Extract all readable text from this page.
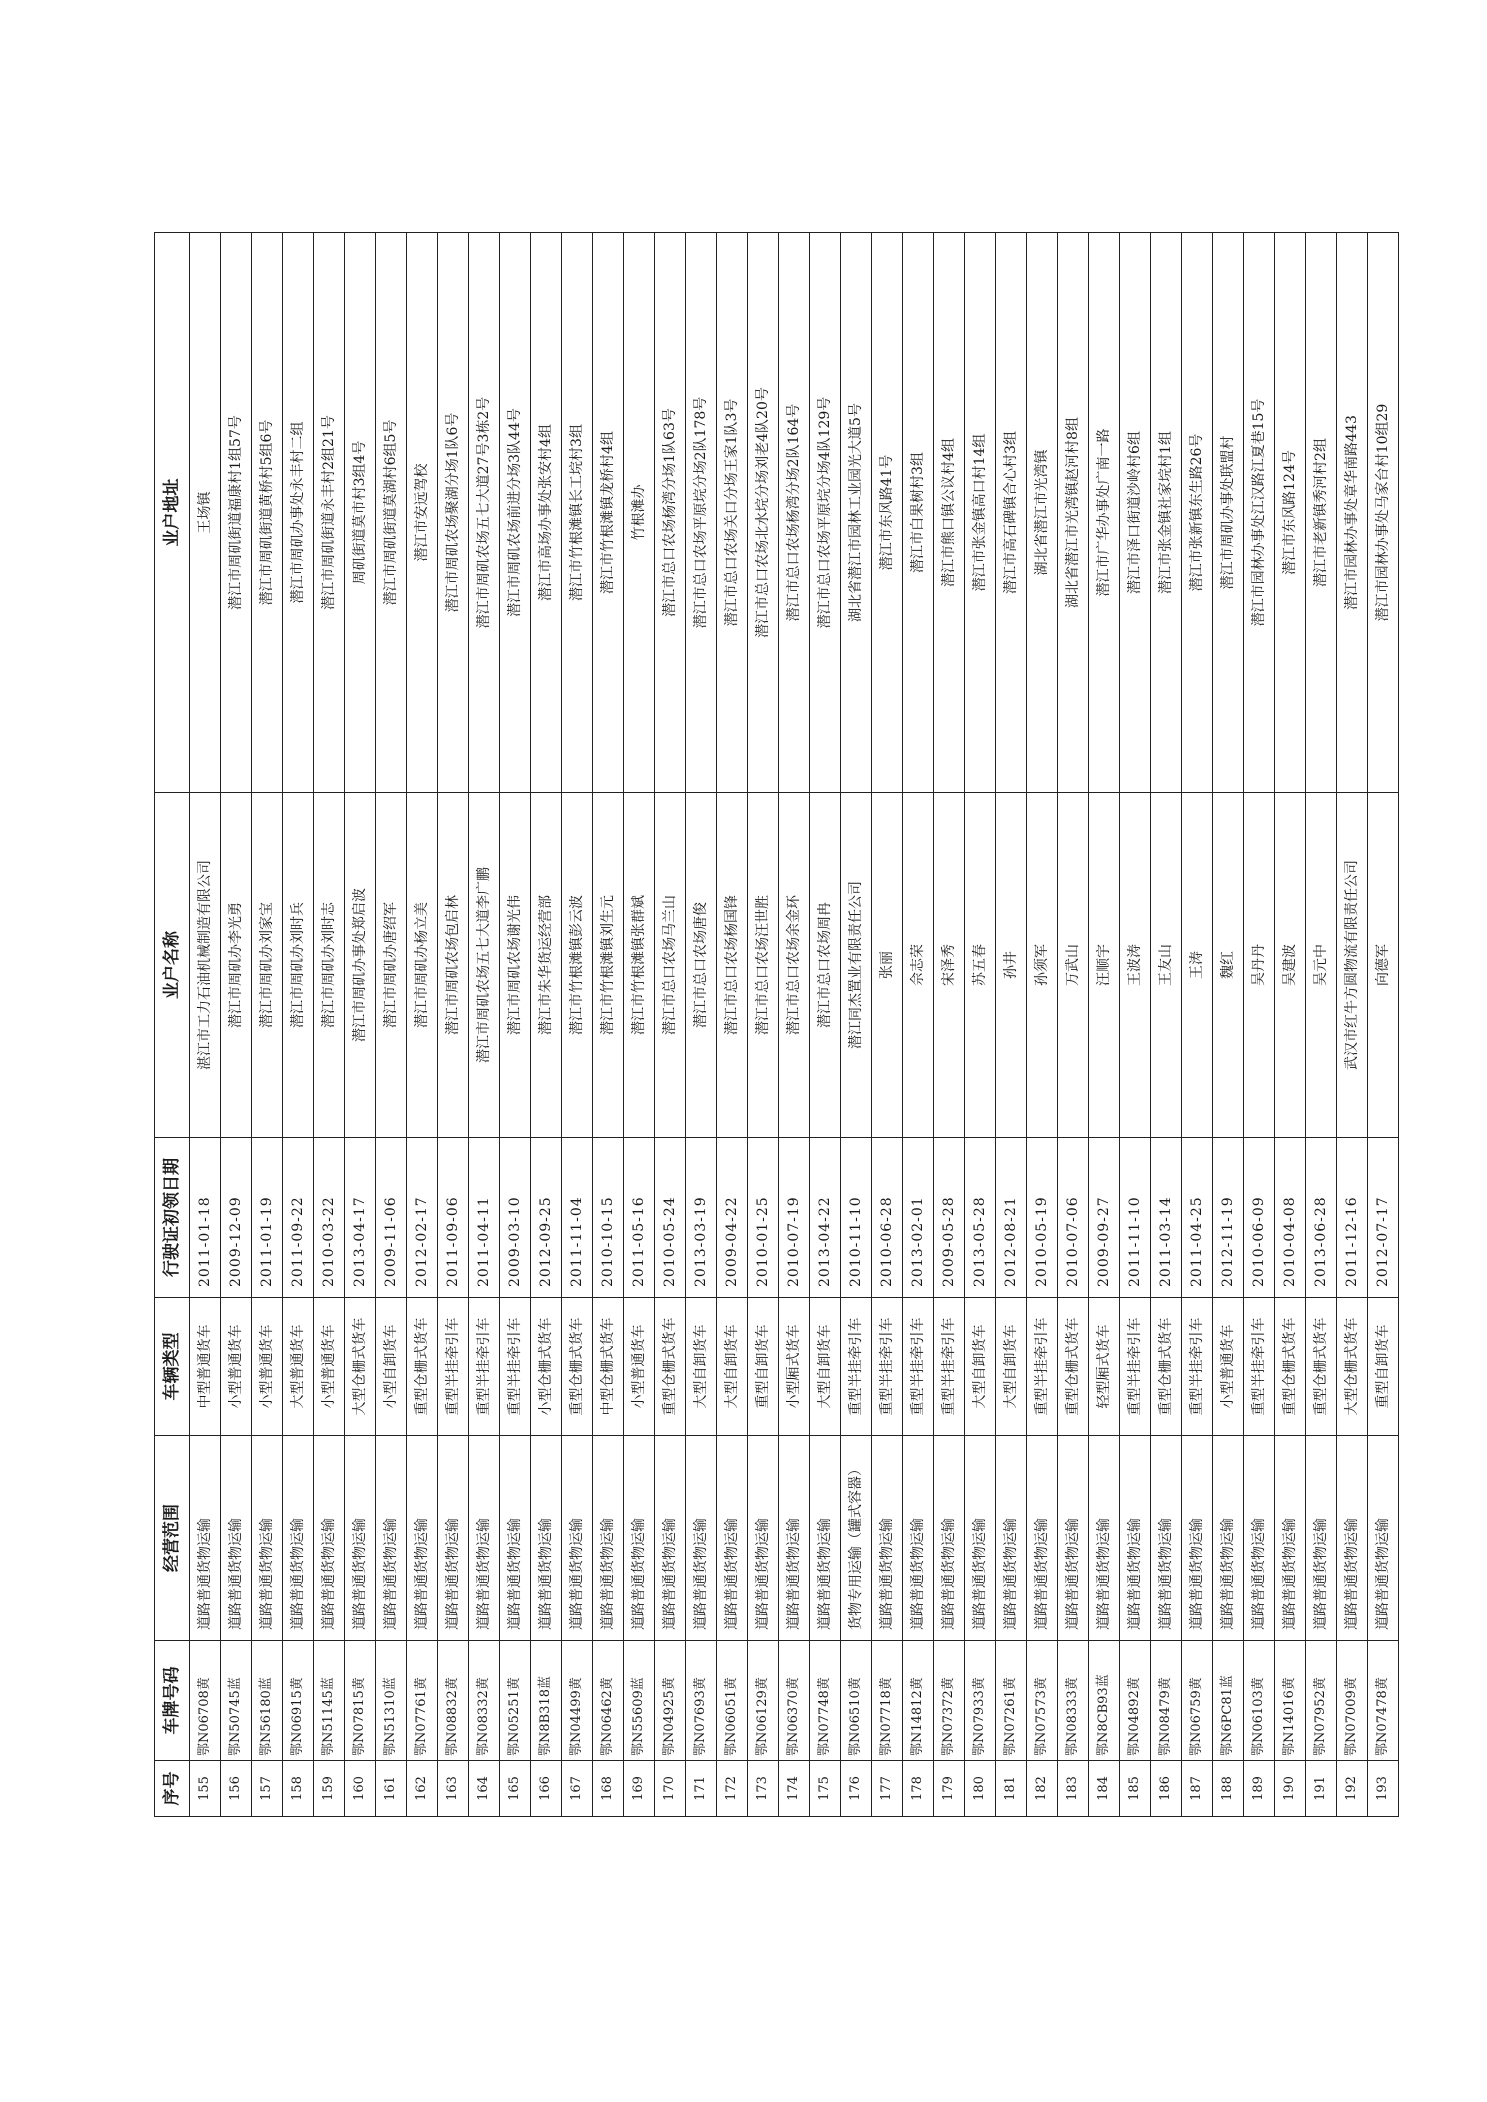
序号	车牌号码	经营范围	车辆类型	行驶证初领日期	业户名称	业户地址
155	鄂N06708黄	道路普通货物运输	中型普通货车	2011-01-18	湛江市工力石油机械制造有限公司	王场镇
156	鄂N50745蓝	道路普通货物运输	小型普通货车	2009-12-09	潜江市周矶办李光勇	潜江市周矶街道福康村1组57号
157	鄂N56180蓝	道路普通货物运输	小型普通货车	2011-01-19	潜江市周矶办刘家宝	潜江市周矶街道黄桥村5组6号
158	鄂N06915黄	道路普通货物运输	大型普通货车	2011-09-22	潜江市周矶办刘时兵	潜江市周矶办事处永丰村二组
159	鄂N51145蓝	道路普通货物运输	小型普通货车	2010-03-22	潜江市周矶办刘时志	潜江市周矶街道永丰村2组21号
160	鄂N07815黄	道路普通货物运输	大型仓栅式货车	2013-04-17	潜江市周矶办事处郑启波	周矶街道莫市村3组4号
161	鄂N51310蓝	道路普通货物运输	小型自卸货车	2009-11-06	潜江市周矶办唐绍军	潜江市周矶街道莫湖村6组5号
162	鄂N07761黄	道路普通货物运输	重型仓栅式货车	2012-02-17	潜江市周矶办杨立美	潜江市安远驾校
163	鄂N08832黄	道路普通货物运输	重型半挂牵引车	2011-09-06	潜江市周矶农场包启林	潜江市周矶农场聚湖分场1队6号
164	鄂N08332黄	道路普通货物运输	重型半挂牵引车	2011-04-11	潜江市周矶农场五七大道李广鹏	潜江市周矶农场五七大道27号3栋2号
165	鄂N05251黄	道路普通货物运输	重型半挂牵引车	2009-03-10	潜江市周矶农场谢光伟	潜江市周矶农场前进分场3队44号
166	鄂N8B318蓝	道路普通货物运输	小型仓栅式货车	2012-09-25	潜江市朱华货运经营部	潜江市高场办事处张安村4组
167	鄂N04499黄	道路普通货物运输	重型仓栅式货车	2011-11-04	潜江市竹根滩镇彭云波	潜江市竹根滩镇长工垸村3组
168	鄂N06462黄	道路普通货物运输	中型仓栅式货车	2010-10-15	潜江市竹根滩镇刘生元	潜江市竹根滩镇龙桥村4组
169	鄂N55609蓝	道路普通货物运输	小型普通货车	2011-05-16	潜江市竹根滩镇张群斌	竹根滩办
170	鄂N04925黄	道路普通货物运输	重型仓栅式货车	2010-05-24	潜江市总口农场马兰山	潜江市总口农场杨湾分场1队63号
171	鄂N07693黄	道路普通货物运输	大型自卸货车	2013-03-19	潜江市总口农场唐俊	潜江市总口农场平原垸分场2队178号
172	鄂N06051黄	道路普通货物运输	大型自卸货车	2009-04-22	潜江市总口农场杨国锋	潜江市总口农场关口分场王家1队3号
173	鄂N06129黄	道路普通货物运输	重型自卸货车	2010-01-25	潜江市总口农场汪世胜	潜江市总口农场北水垸分场刘老4队20号
174	鄂N06370黄	道路普通货物运输	小型厢式货车	2010-07-19	潜江市总口农场余金环	潜江市总口农场杨湾分场2队164号
175	鄂N07748黄	道路普通货物运输	大型自卸货车	2013-04-22	潜江市总口农场周冉	潜江市总口农场平原垸分场4队129号
176	鄂N06510黄	货物专用运输（罐式容器）	重型半挂牵引车	2010-11-10	潜江同杰置业有限责任公司	湖北省潜江市园林工业园光大道5号
177	鄂N07718黄	道路普通货物运输	重型半挂牵引车	2010-06-28	张丽	潜江市东风路41号
178	鄂N14812黄	道路普通货物运输	重型半挂牵引车	2013-02-01	佘志荣	潜江市白果树村3组
179	鄂N07372黄	道路普通货物运输	重型半挂牵引车	2009-05-28	宋泽秀	潜江市熊口镇公议村4组
180	鄂N07933黄	道路普通货物运输	大型自卸货车	2013-05-28	苏五春	潜江市张金镇高口村14组
181	鄂N07261黄	道路普通货物运输	大型自卸货车	2012-08-21	孙井	潜江市高石碑镇合心村3组
182	鄂N07573黄	道路普通货物运输	重型半挂牵引车	2010-05-19	孙须军	湖北省潜江市光湾镇
183	鄂N08333黄	道路普通货物运输	重型仓栅式货车	2010-07-06	万武山	湖北省潜江市光湾镇赵河村8组
184	鄂N8CB93蓝	道路普通货物运输	轻型厢式货车	2009-09-27	汪顺宇	潜江市广华办事处广南一路
185	鄂N04892黄	道路普通货物运输	重型半挂牵引车	2011-11-10	王波涛	潜江市泽口街道沙岭村6组
186	鄂N08479黄	道路普通货物运输	重型仓栅式货车	2011-03-14	王友山	潜江市张金镇社家垸村1组
187	鄂N06759黄	道路普通货物运输	重型半挂牵引车	2011-04-25	王涛	潜江市张新镇东生路26号
188	鄂N6PC81蓝	道路普通货物运输	小型普通货车	2012-11-19	魏红	潜江市周矶办事处联盟村
189	鄂N06103黄	道路普通货物运输	重型半挂牵引车	2010-06-09	吴丹丹	潜江市园林办事处江汉路江夏巷15号
190	鄂N14016黄	道路普通货物运输	重型仓栅式货车	2010-04-08	吴建波	潜江市东风路124号
191	鄂N07952黄	道路普通货物运输	重型仓栅式货车	2013-06-28	吴元中	潜江市老新镇秀河村2组
192	鄂N07009黄	道路普通货物运输	大型仓栅式货车	2011-12-16	武汉市红牛方圆物流有限责任公司	潜江市园林办事处章华南路443
193	鄂N07478黄	道路普通货物运输	重型自卸货车	2012-07-17	向德军	潜江市园林办事处马家台村10组29
